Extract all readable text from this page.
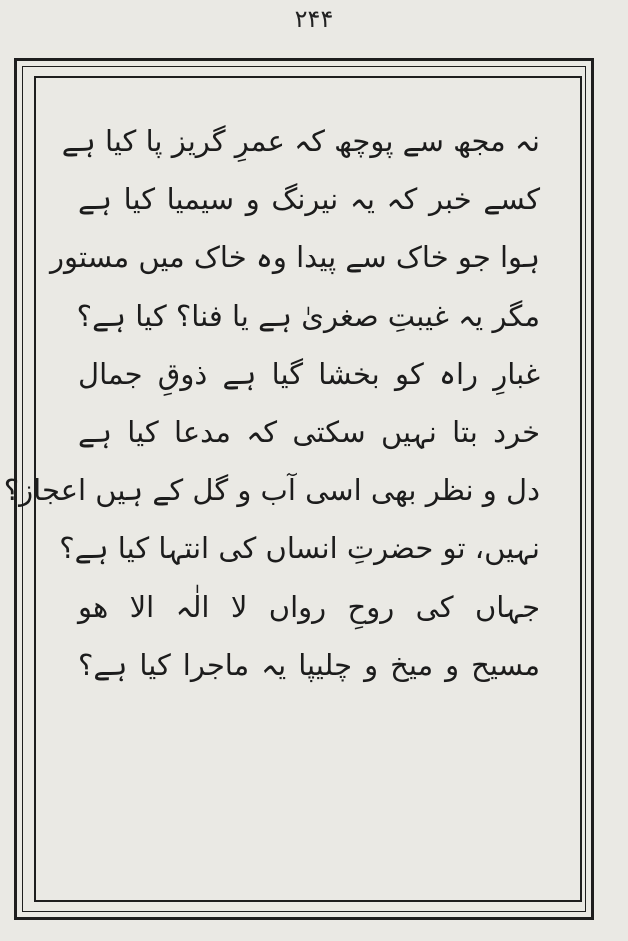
۲۴۴
نہ مجھ سے پوچھ کہ عمرِ گریز پا کیا ہے
کسے خبر کہ یہ نیرنگ و سیمیا کیا ہے
ہوا جو خاک سے پیدا وہ خاک میں مستور
مگر یہ غیبتِ صغریٰ ہے یا فنا؟ کیا ہے؟
غبارِ راہ کو بخشا گیا ہے ذوقِ جمال
خرد بتا نہیں سکتی کہ مدعا کیا ہے
دل و نظر بھی اسی آب و گل کے ہیں اعجاز؟
نہیں، تو حضرتِ انساں کی انتہا کیا ہے؟
جہاں کی روحِ رواں لا الٰہ الا ھو
مسیح و میخ و چلیپا یہ ماجرا کیا ہے؟
